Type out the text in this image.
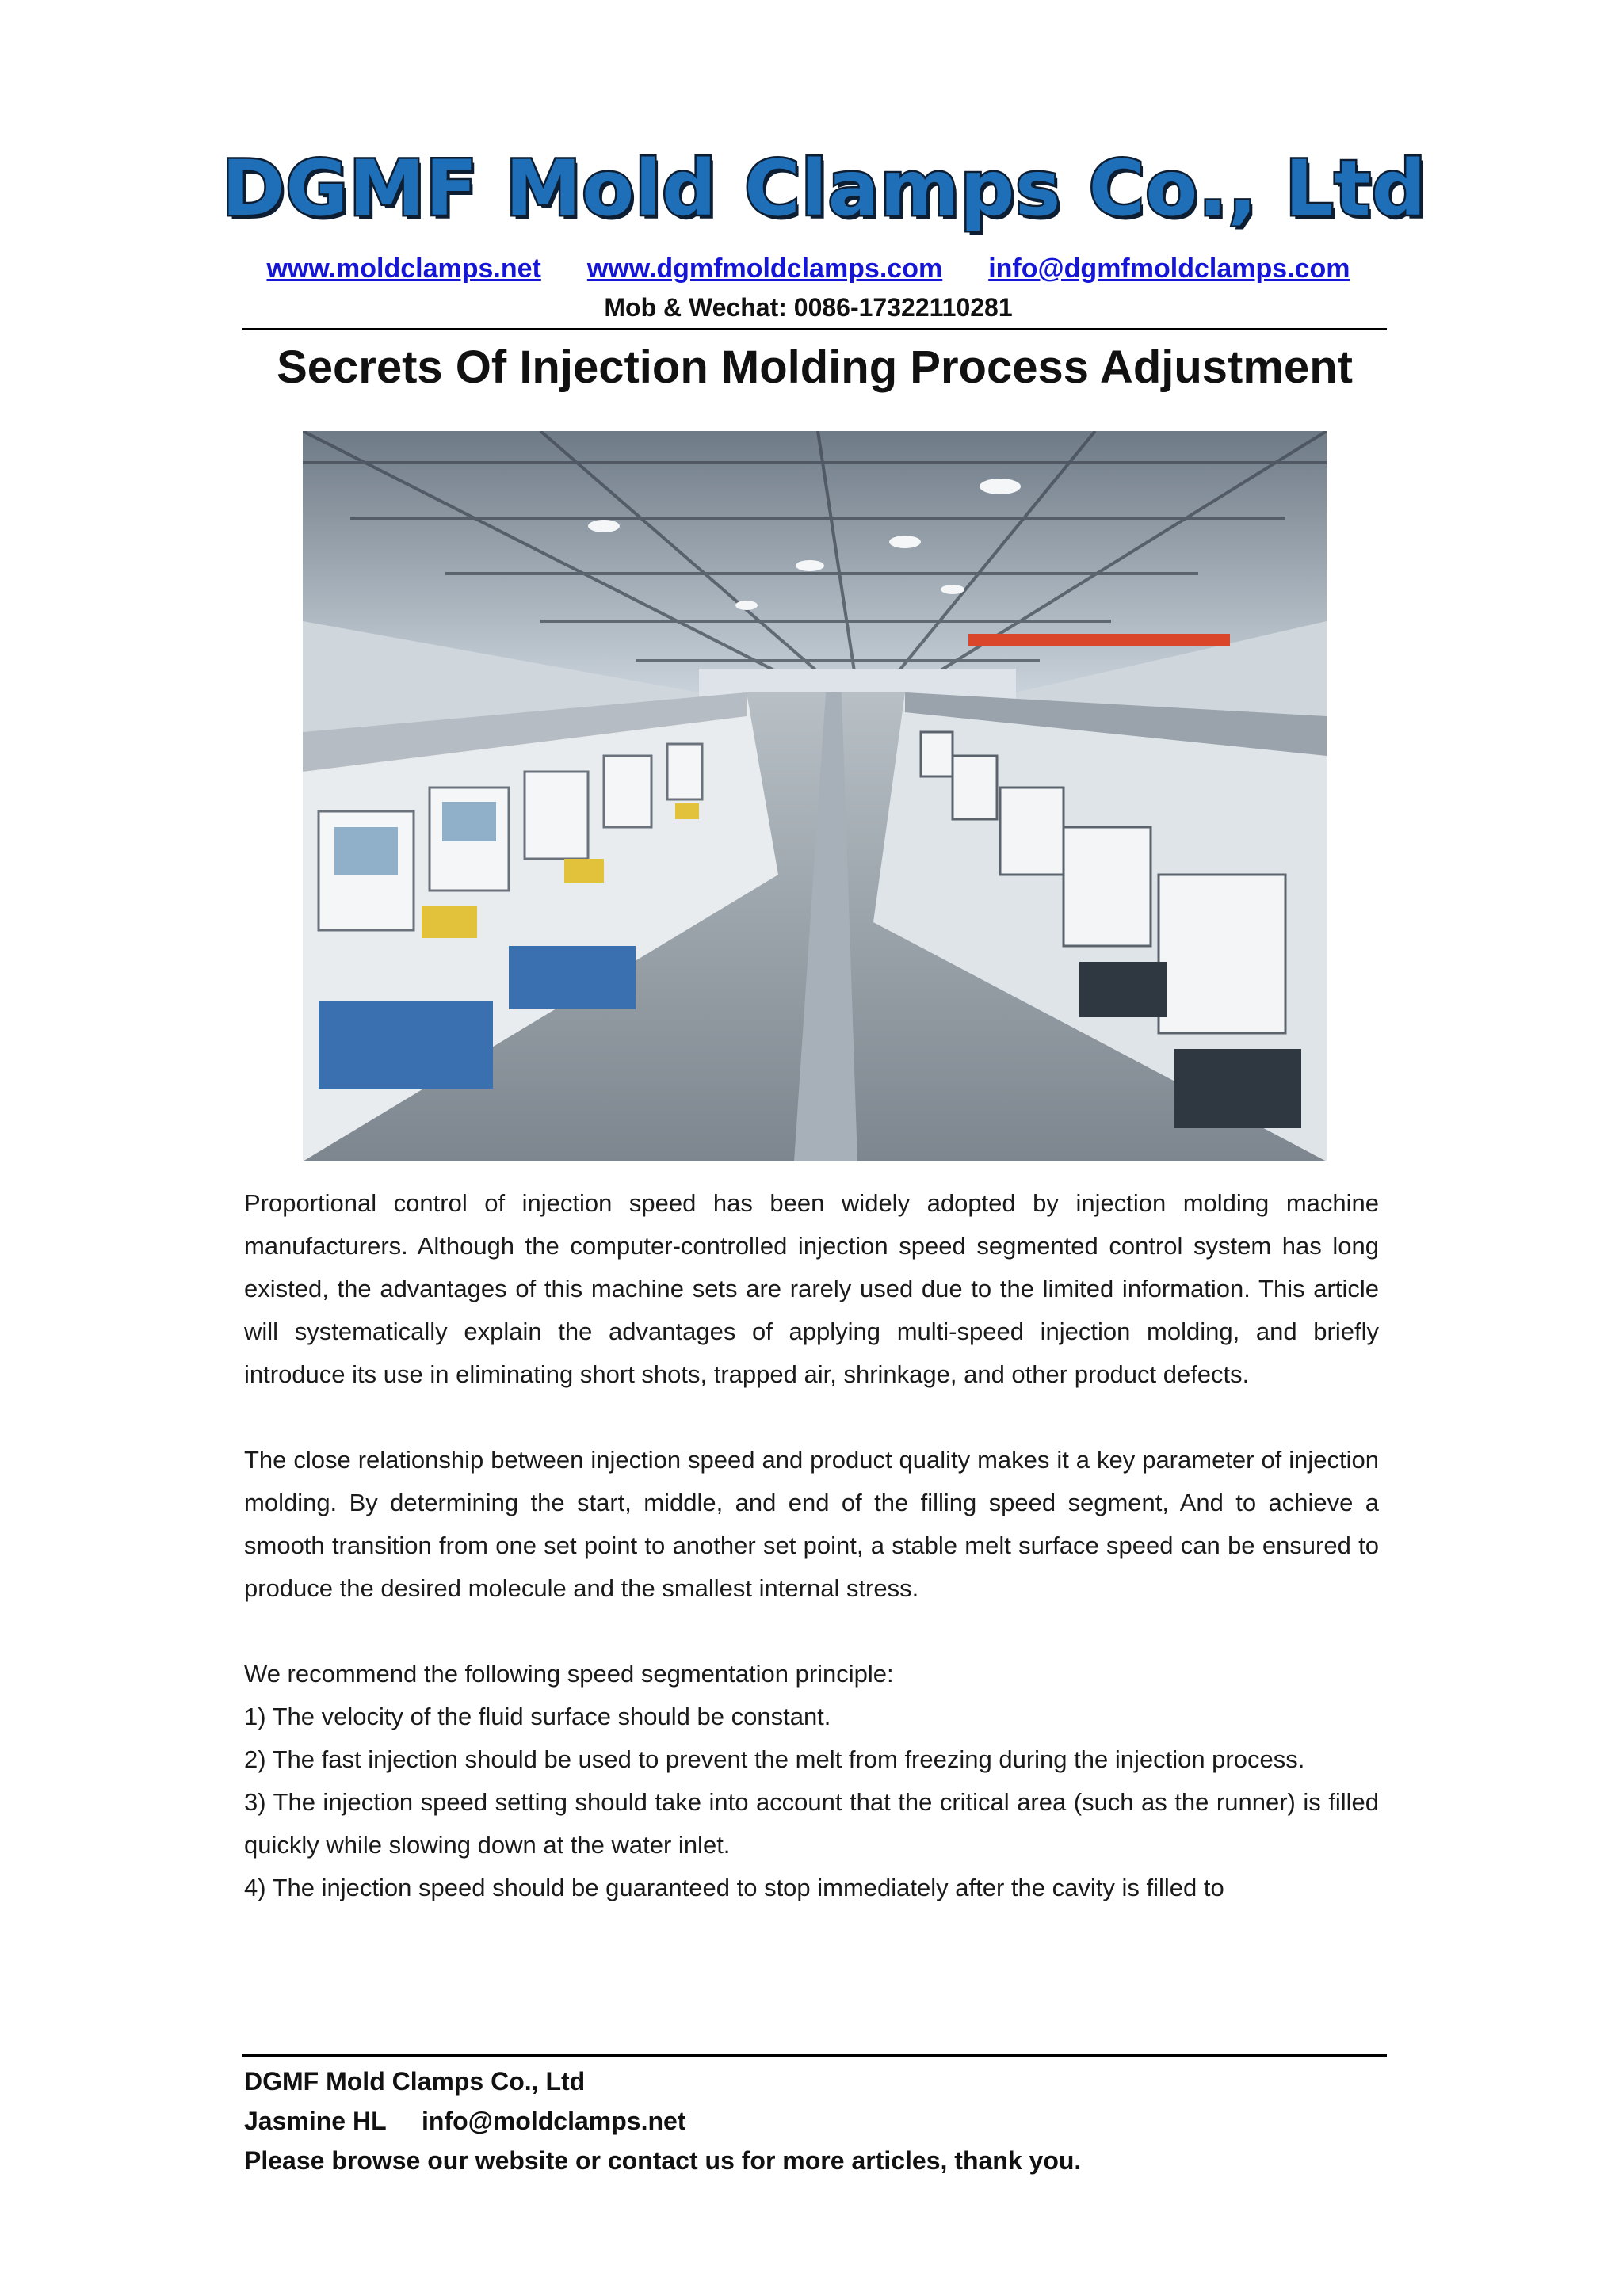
DGMF Mold Clamps Co., Ltd
www.moldclamps.net www.dgmfmoldclamps.com info@dgmfmoldclamps.com
Mob & Wechat: 0086-17322110281
Secrets Of Injection Molding Process Adjustment

Proportional control of injection speed has been widely adopted by injection molding machine manufacturers. Although the computer-controlled injection speed segmented control system has long existed, the advantages of this machine sets are rarely used due to the limited information. This article will systematically explain the advantages of applying multi-speed injection molding, and briefly introduce its use in eliminating short shots, trapped air, shrinkage, and other product defects.

The close relationship between injection speed and product quality makes it a key parameter of injection molding. By determining the start, middle, and end of the filling speed segment, And to achieve a smooth transition from one set point to another set point, a stable melt surface speed can be ensured to produce the desired molecule and the smallest internal stress.

We recommend the following speed segmentation principle:

1) The velocity of the fluid surface should be constant.

2) The fast injection should be used to prevent the melt from freezing during the injection process.

3) The injection speed setting should take into account that the critical area (such as the runner) is filled quickly while slowing down at the water inlet.

4) The injection speed should be guaranteed to stop immediately after the cavity is filled to

DGMF Mold Clamps Co., Ltd
Jasmine HL info@moldclamps.net
Please browse our website or contact us for more articles, thank you.
